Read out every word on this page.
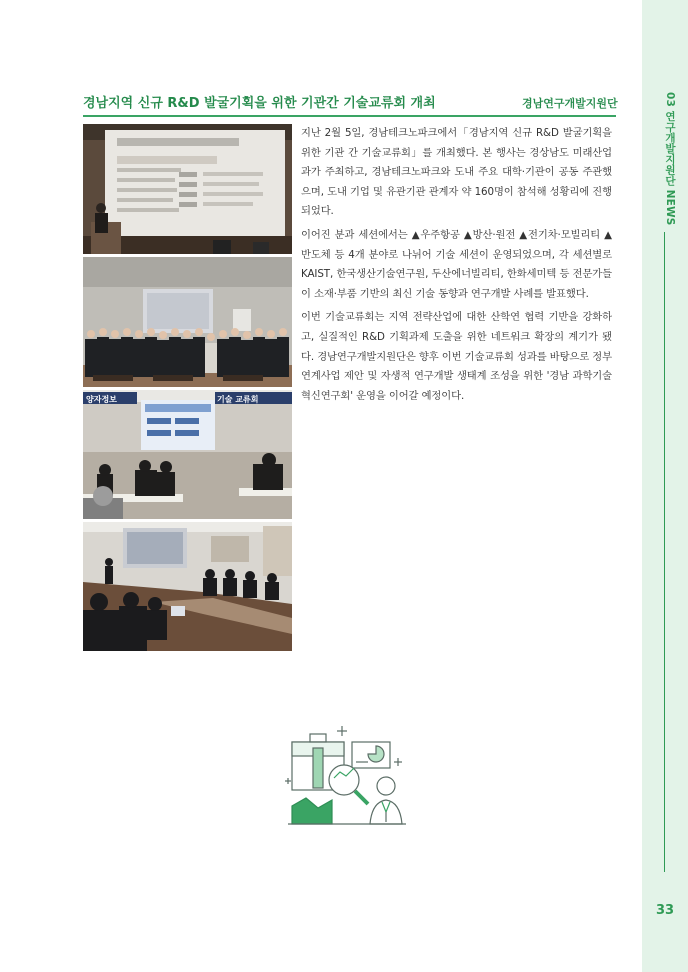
03 연구개발지원단 NEWS
33
경남지역 신규 R&D 발굴기획을 위한 기관간 기술교류회 개최	경남연구개발지원단
양자정보	기술 교류회

지난 2월 5일, 경남테크노파크에서「경남지역 신규 R&D 발굴기획을 위한 기관 간 기술교류회」를 개최했다. 본 행사는 경상남도 미래산업과가 주최하고, 경남테크노파크와 도내 주요 대학·기관이 공동 주관했으며, 도내 기업 및 유관기관 관계자 약 160명이 참석해 성황리에 진행되었다.

이어진 분과 세션에서는 ▲우주항공 ▲방산·원전 ▲전기차·모빌리티 ▲반도체 등 4개 분야로 나뉘어 기술 세션이 운영되었으며, 각 세션별로 KAIST, 한국생산기술연구원, 두산에너빌리티, 한화세미텍 등 전문가들이 소재·부품 기반의 최신 기술 동향과 연구개발 사례를 발표했다.

이번 기술교류회는 지역 전략산업에 대한 산학연 협력 기반을 강화하고, 실질적인 R&D 기획과제 도출을 위한 네트워크 확장의 계기가 됐다. 경남연구개발지원단은 향후 이번 기술교류회 성과를 바탕으로 정부 연계사업 제안 및 자생적 연구개발 생태계 조성을 위한 '경남 과학기술혁신연구회' 운영을 이어갈 예정이다.
